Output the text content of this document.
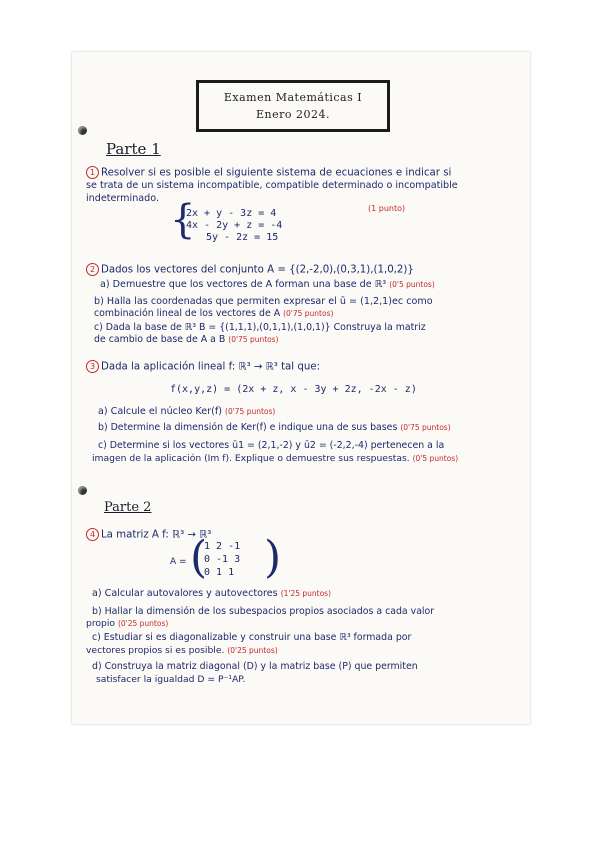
Examen Matemáticas I
Enero 2024.
Parte 1
1 Resolver si es posible el siguiente sistema de ecuaciones e indicar si
se trata de un sistema incompatible, compatible determinado o incompatible
indeterminado.
(1 punto)
{
2x + y - 3z = 4
4x - 2y + z = -4
5y - 2z = 15
2 Dados los vectores del conjunto A = {(2,-2,0),(0,3,1),(1,0,2)}
a) Demuestre que los vectores de A forman una base de ℝ³ (0'5 puntos)
b) Halla las coordenadas que permiten expresar el ū = (1,2,1)ec como
combinación lineal de los vectores de A (0'75 puntos)
c) Dada la base de ℝ³ B = {(1,1,1),(0,1,1),(1,0,1)} Construya la matriz
de cambio de base de A a B (0'75 puntos)
3 Dada la aplicación lineal f: ℝ³ → ℝ³ tal que:
f(x,y,z) = (2x + z, x - 3y + 2z, -2x - z)
a) Calcule el núcleo Ker(f) (0'75 puntos)
b) Determine la dimensión de Ker(f) e indique una de sus bases (0'75 puntos)
c) Determine si los vectores ū1 = (2,1,-2) y ū2 = (-2,2,-4) pertenecen a la
imagen de la aplicación (Im f). Explique o demuestre sus respuestas. (0'5 puntos)
Parte 2
4 La matriz A f: ℝ³ → ℝ³
A = (
1 2 -1
0 -1 3
0 1 1 )
a) Calcular autovalores y autovectores (1'25 puntos)
b) Hallar la dimensión de los subespacios propios asociados a cada valor
propio (0'25 puntos)
c) Estudiar si es diagonalizable y construir una base ℝ³ formada por
vectores propios si es posible. (0'25 puntos)
d) Construya la matriz diagonal (D) y la matriz base (P) que permiten
satisfacer la igualdad D = P⁻¹AP.
